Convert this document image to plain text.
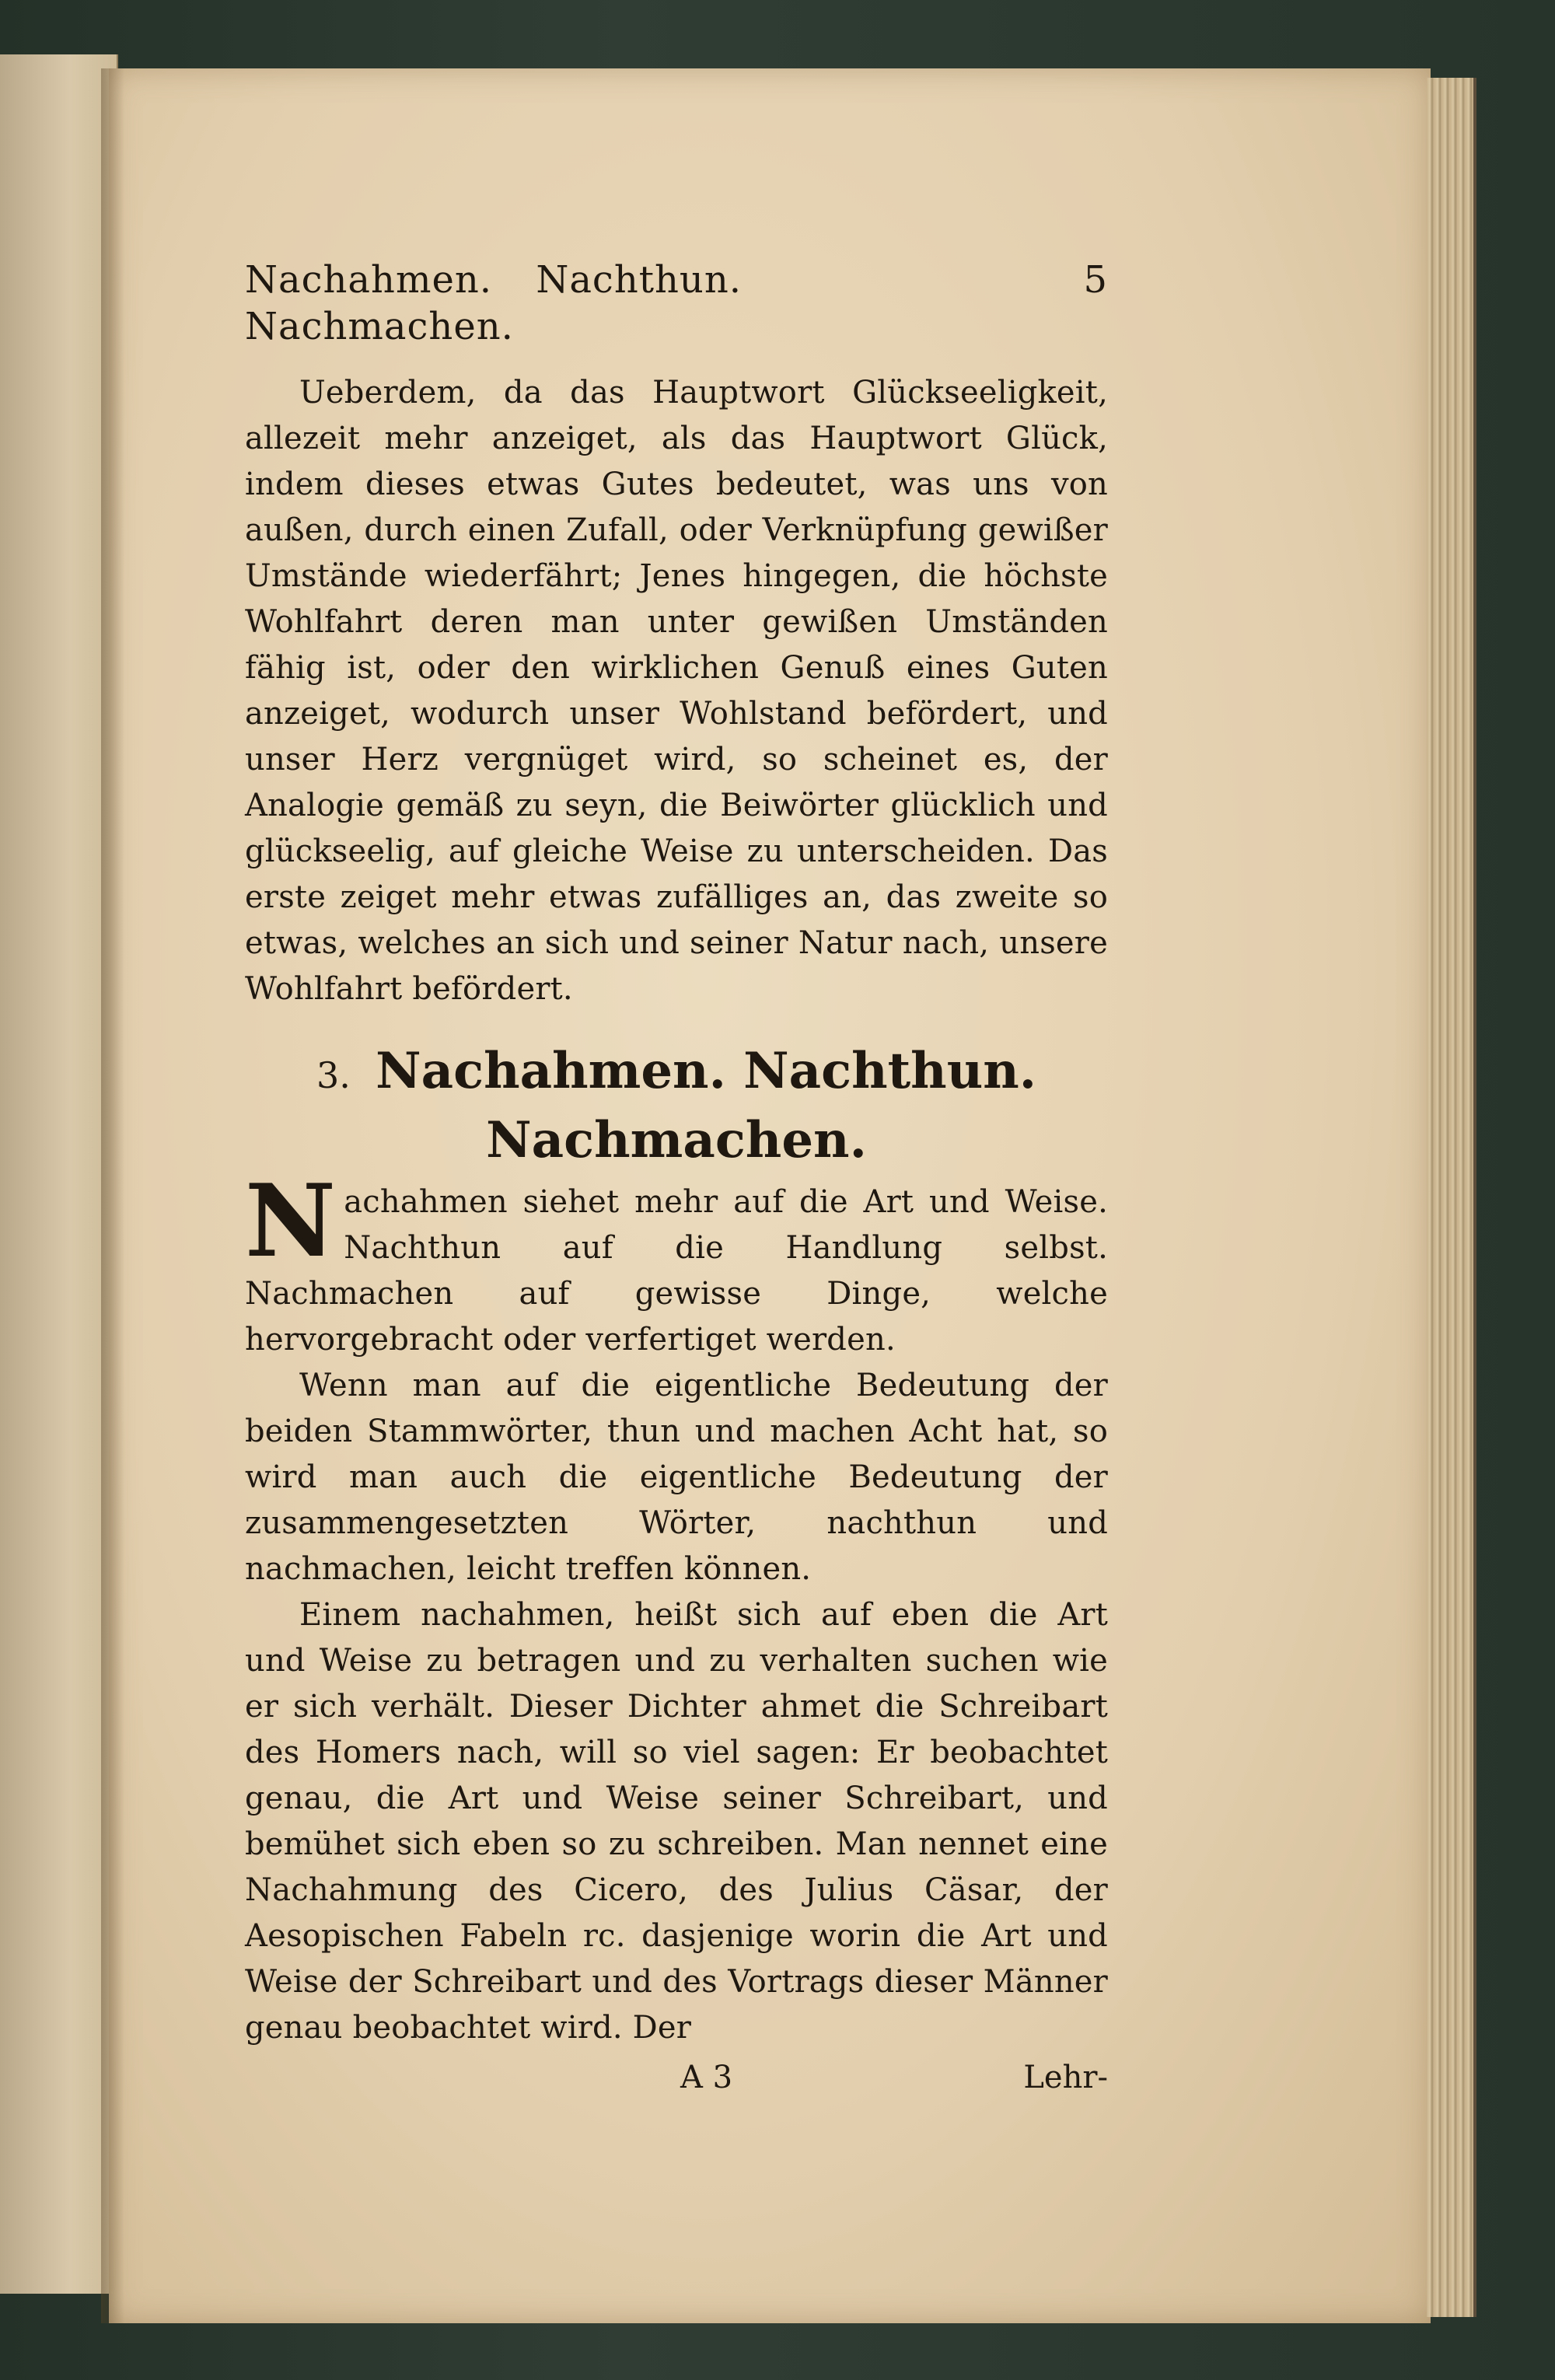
Nachahmen. Nachthun. Nachmachen.
5

Ueberdem, da das Hauptwort Glückseeligkeit, allezeit mehr anzeiget, als das Hauptwort Glück, indem dieses etwas Gutes bedeutet, was uns von außen, durch einen Zufall, oder Verknüpfung gewißer Umstände wiederfährt; Jenes hingegen, die höchste Wohlfahrt deren man unter gewißen Umständen fähig ist, oder den wirklichen Genuß eines Guten anzeiget, wodurch unser Wohlstand befördert, und unser Herz vergnüget wird, so scheinet es, der Analogie gemäß zu seyn, die Beiwörter glücklich und glückseelig, auf gleiche Weise zu unterscheiden. Das erste zeiget mehr etwas zufälliges an, das zweite so etwas, welches an sich und seiner Natur nach, unsere Wohlfahrt befördert.

3. Nachahmen. Nachthun.
Nachmachen.

Nachahmen siehet mehr auf die Art und Weise. Nachthun auf die Handlung selbst. Nachmachen auf gewisse Dinge, welche hervorgebracht oder verfertiget werden.

Wenn man auf die eigentliche Bedeutung der beiden Stammwörter, thun und machen Acht hat, so wird man auch die eigentliche Bedeutung der zusammengesetzten Wörter, nachthun und nachmachen, leicht treffen können.

Einem nachahmen, heißt sich auf eben die Art und Weise zu betragen und zu verhalten suchen wie er sich verhält. Dieser Dichter ahmet die Schreibart des Homers nach, will so viel sagen: Er beobachtet genau, die Art und Weise seiner Schreibart, und bemühet sich eben so zu schreiben. Man nennet eine Nachahmung des Cicero, des Julius Cäsar, der Aesopischen Fabeln rc. dasjenige worin die Art und Weise der Schreibart und des Vortrags dieser Männer genau beobachtet wird. Der

A 3	Lehr-
